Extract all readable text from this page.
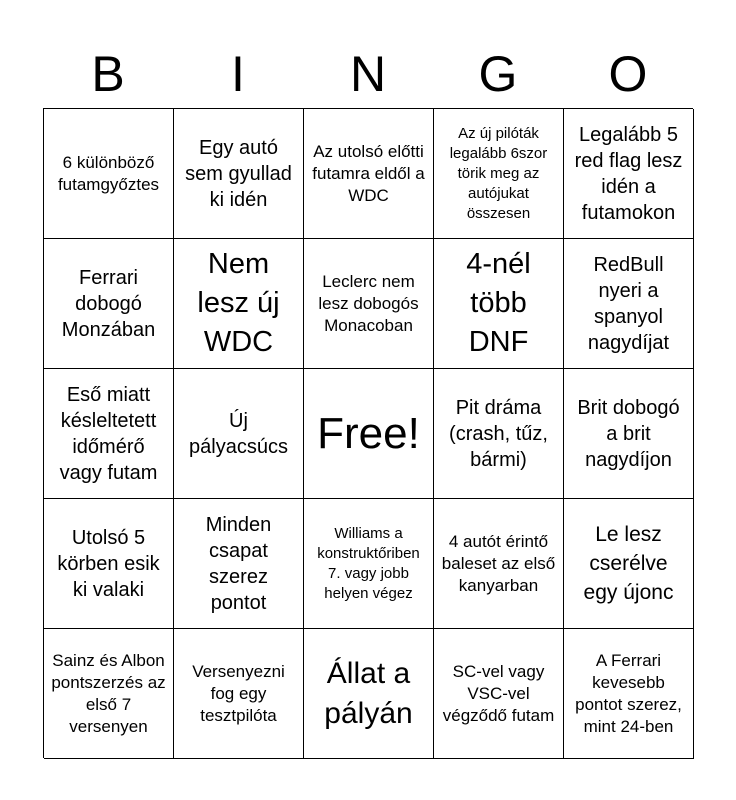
B	I	N	G	O
6 különböző futamgyőztes
Egy autó sem gyullad ki idén
Az utolsó előtti futamra eldől a WDC
Az új pilóták legalább 6szor törik meg az autójukat összesen
Legalább 5 red flag lesz idén a futamokon
Ferrari dobogó Monzában
Nem lesz új WDC
Leclerc nem lesz dobogós Monacoban
4-nél több DNF
RedBull nyeri a spanyol nagydíjat
Eső miatt késleltetett időmérő vagy futam
Új pályacsúcs Free!
Pit dráma (crash, tűz, bármi)
Brit dobogó a brit nagydíjon
Utolsó 5 körben esik ki valaki
Minden csapat szerez pontot
Williams a konstruktőriben 7. vagy jobb helyen végez
4 autót érintő baleset az első kanyarban
Le lesz cserélve egy újonc
Sainz és Albon pontszerzés az első 7 versenyen
Versenyezni fog egy tesztpilóta
Állat a pályán
SC-vel vagy VSC-vel végződő futam
A Ferrari kevesebb pontot szerez, mint 24-ben
